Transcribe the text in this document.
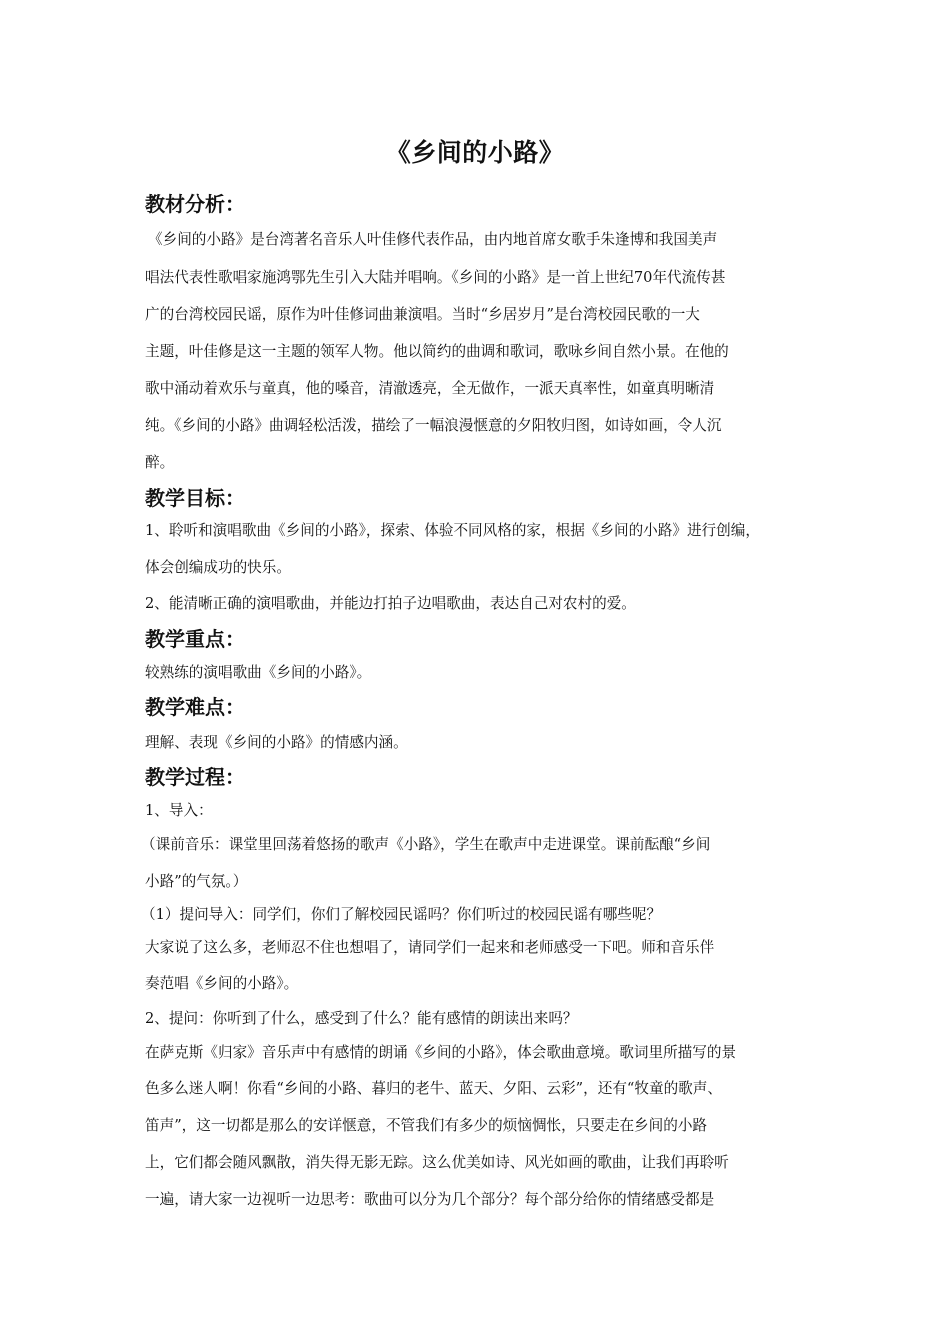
《乡间的小路》
教材分析：
《乡间的小路》是台湾著名音乐人叶佳修代表作品，由内地首席女歌手朱逢博和我国美声
唱法代表性歌唱家施鸿鄂先生引入大陆并唱响。《乡间的小路》是一首上世纪70年代流传甚
广的台湾校园民谣，原作为叶佳修词曲兼演唱。当时“乡居岁月”是台湾校园民歌的一大
主题，叶佳修是这一主题的领军人物。他以简约的曲调和歌词，歌咏乡间自然小景。在他的
歌中涌动着欢乐与童真，他的嗓音，清澈透亮，全无做作，一派天真率性，如童真明晰清
纯。《乡间的小路》曲调轻松活泼，描绘了一幅浪漫惬意的夕阳牧归图，如诗如画，令人沉
醉。
教学目标：
1、聆听和演唱歌曲《乡间的小路》，探索、体验不同风格的家，根据《乡间的小路》进行创编，
体会创编成功的快乐。
2、能清晰正确的演唱歌曲，并能边打拍子边唱歌曲，表达自己对农村的爱。
教学重点：
较熟练的演唱歌曲《乡间的小路》。
教学难点：
理解、表现《乡间的小路》的情感内涵。
教学过程：
1、导入：
（课前音乐：课堂里回荡着悠扬的歌声《小路》，学生在歌声中走进课堂。课前酝酿“乡间
小路”的气氛。）
（1）提问导入：同学们，你们了解校园民谣吗？你们听过的校园民谣有哪些呢？
大家说了这么多，老师忍不住也想唱了，请同学们一起来和老师感受一下吧。师和音乐伴
奏范唱《乡间的小路》。
2、提问：你听到了什么，感受到了什么？能有感情的朗读出来吗？
在萨克斯《归家》音乐声中有感情的朗诵《乡间的小路》，体会歌曲意境。歌词里所描写的景
色多么迷人啊！你看“乡间的小路、暮归的老牛、蓝天、夕阳、云彩”，还有“牧童的歌声、
笛声”，这一切都是那么的安详惬意，不管我们有多少的烦恼惆怅，只要走在乡间的小路
上，它们都会随风飘散，消失得无影无踪。这么优美如诗、风光如画的歌曲，让我们再聆听
一遍，请大家一边视听一边思考：歌曲可以分为几个部分？每个部分给你的情绪感受都是
